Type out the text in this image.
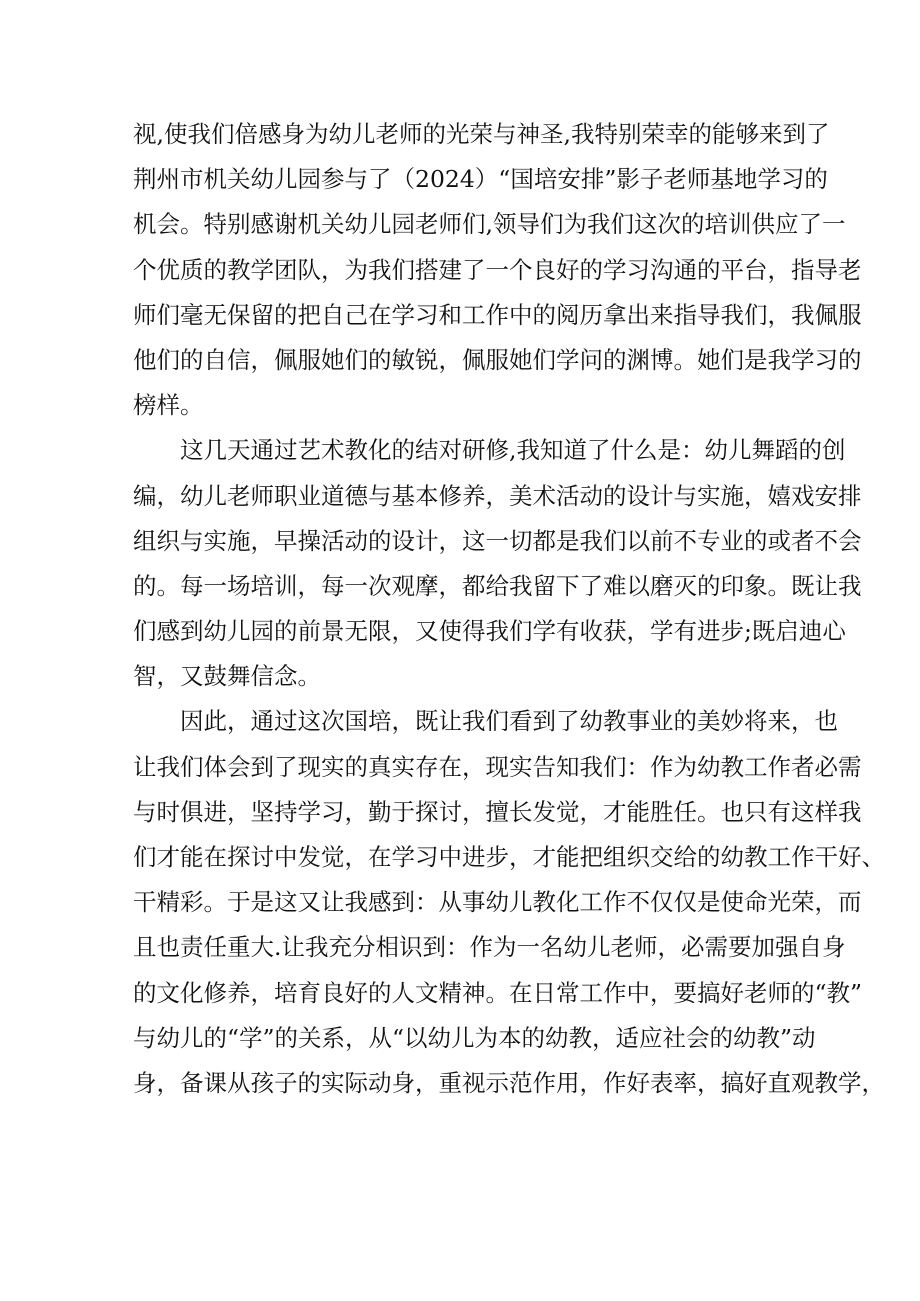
视,使我们倍感身为幼儿老师的光荣与神圣,我特别荣幸的能够来到了
荆州市机关幼儿园参与了（2024）“国培安排”影子老师基地学习的
机会。特别感谢机关幼儿园老师们,领导们为我们这次的培训供应了一
个优质的教学团队，为我们搭建了一个良好的学习沟通的平台，指导老
师们毫无保留的把自己在学习和工作中的阅历拿出来指导我们，我佩服
他们的自信，佩服她们的敏锐，佩服她们学问的渊博。她们是我学习的
榜样。
这几天通过艺术教化的结对研修,我知道了什么是：幼儿舞蹈的创
编，幼儿老师职业道德与基本修养，美术活动的设计与实施，嬉戏安排
组织与实施，早操活动的设计，这一切都是我们以前不专业的或者不会
的。每一场培训，每一次观摩，都给我留下了难以磨灭的印象。既让我
们感到幼儿园的前景无限，又使得我们学有收获，学有进步;既启迪心
智，又鼓舞信念。
因此，通过这次国培，既让我们看到了幼教事业的美妙将来，也
让我们体会到了现实的真实存在，现实告知我们：作为幼教工作者必需
与时俱进，坚持学习，勤于探讨，擅长发觉，才能胜任。也只有这样我
们才能在探讨中发觉，在学习中进步，才能把组织交给的幼教工作干好、
干精彩。于是这又让我感到：从事幼儿教化工作不仅仅是使命光荣，而
且也责任重大.让我充分相识到：作为一名幼儿老师，必需要加强自身
的文化修养，培育良好的人文精神。在日常工作中，要搞好老师的“教”
与幼儿的“学”的关系，从“以幼儿为本的幼教，适应社会的幼教”动
身，备课从孩子的实际动身，重视示范作用，作好表率，搞好直观教学，
